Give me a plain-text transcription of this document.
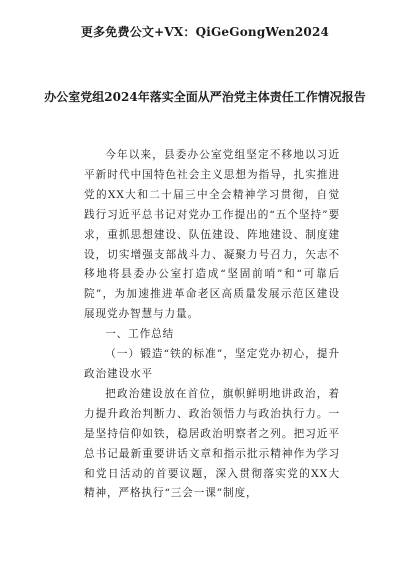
更多免费公文+VX：QiGeGongWen2024
办公室党组2024年落实全面从严治党主体责任工作情况报告

今年以来，县委办公室党组坚定不移地以习近平新时代中国特色社会主义思想为指导，扎实推进党的XX大和二十届三中全会精神学习贯彻，自觉践行习近平总书记对党办工作提出的“五个坚持”要求，重抓思想建设、队伍建设、阵地建设、制度建设，切实增强支部战斗力、凝聚力号召力，矢志不移地将县委办公室打造成“坚固前哨”和“可靠后院”，为加速推进革命老区高质量发展示范区建设展现党办智慧与力量。

一、工作总结

（一）锻造“铁的标准”，坚定党办初心，提升政治建设水平

把政治建设放在首位，旗帜鲜明地讲政治，着力提升政治判断力、政治领悟力与政治执行力。一是坚持信仰如铁，稳居政治明察者之列。把习近平总书记最新重要讲话文章和指示批示精神作为学习和党日活动的首要议题，深入贯彻落实党的XX大精神，严格执行“三会一课”制度，
